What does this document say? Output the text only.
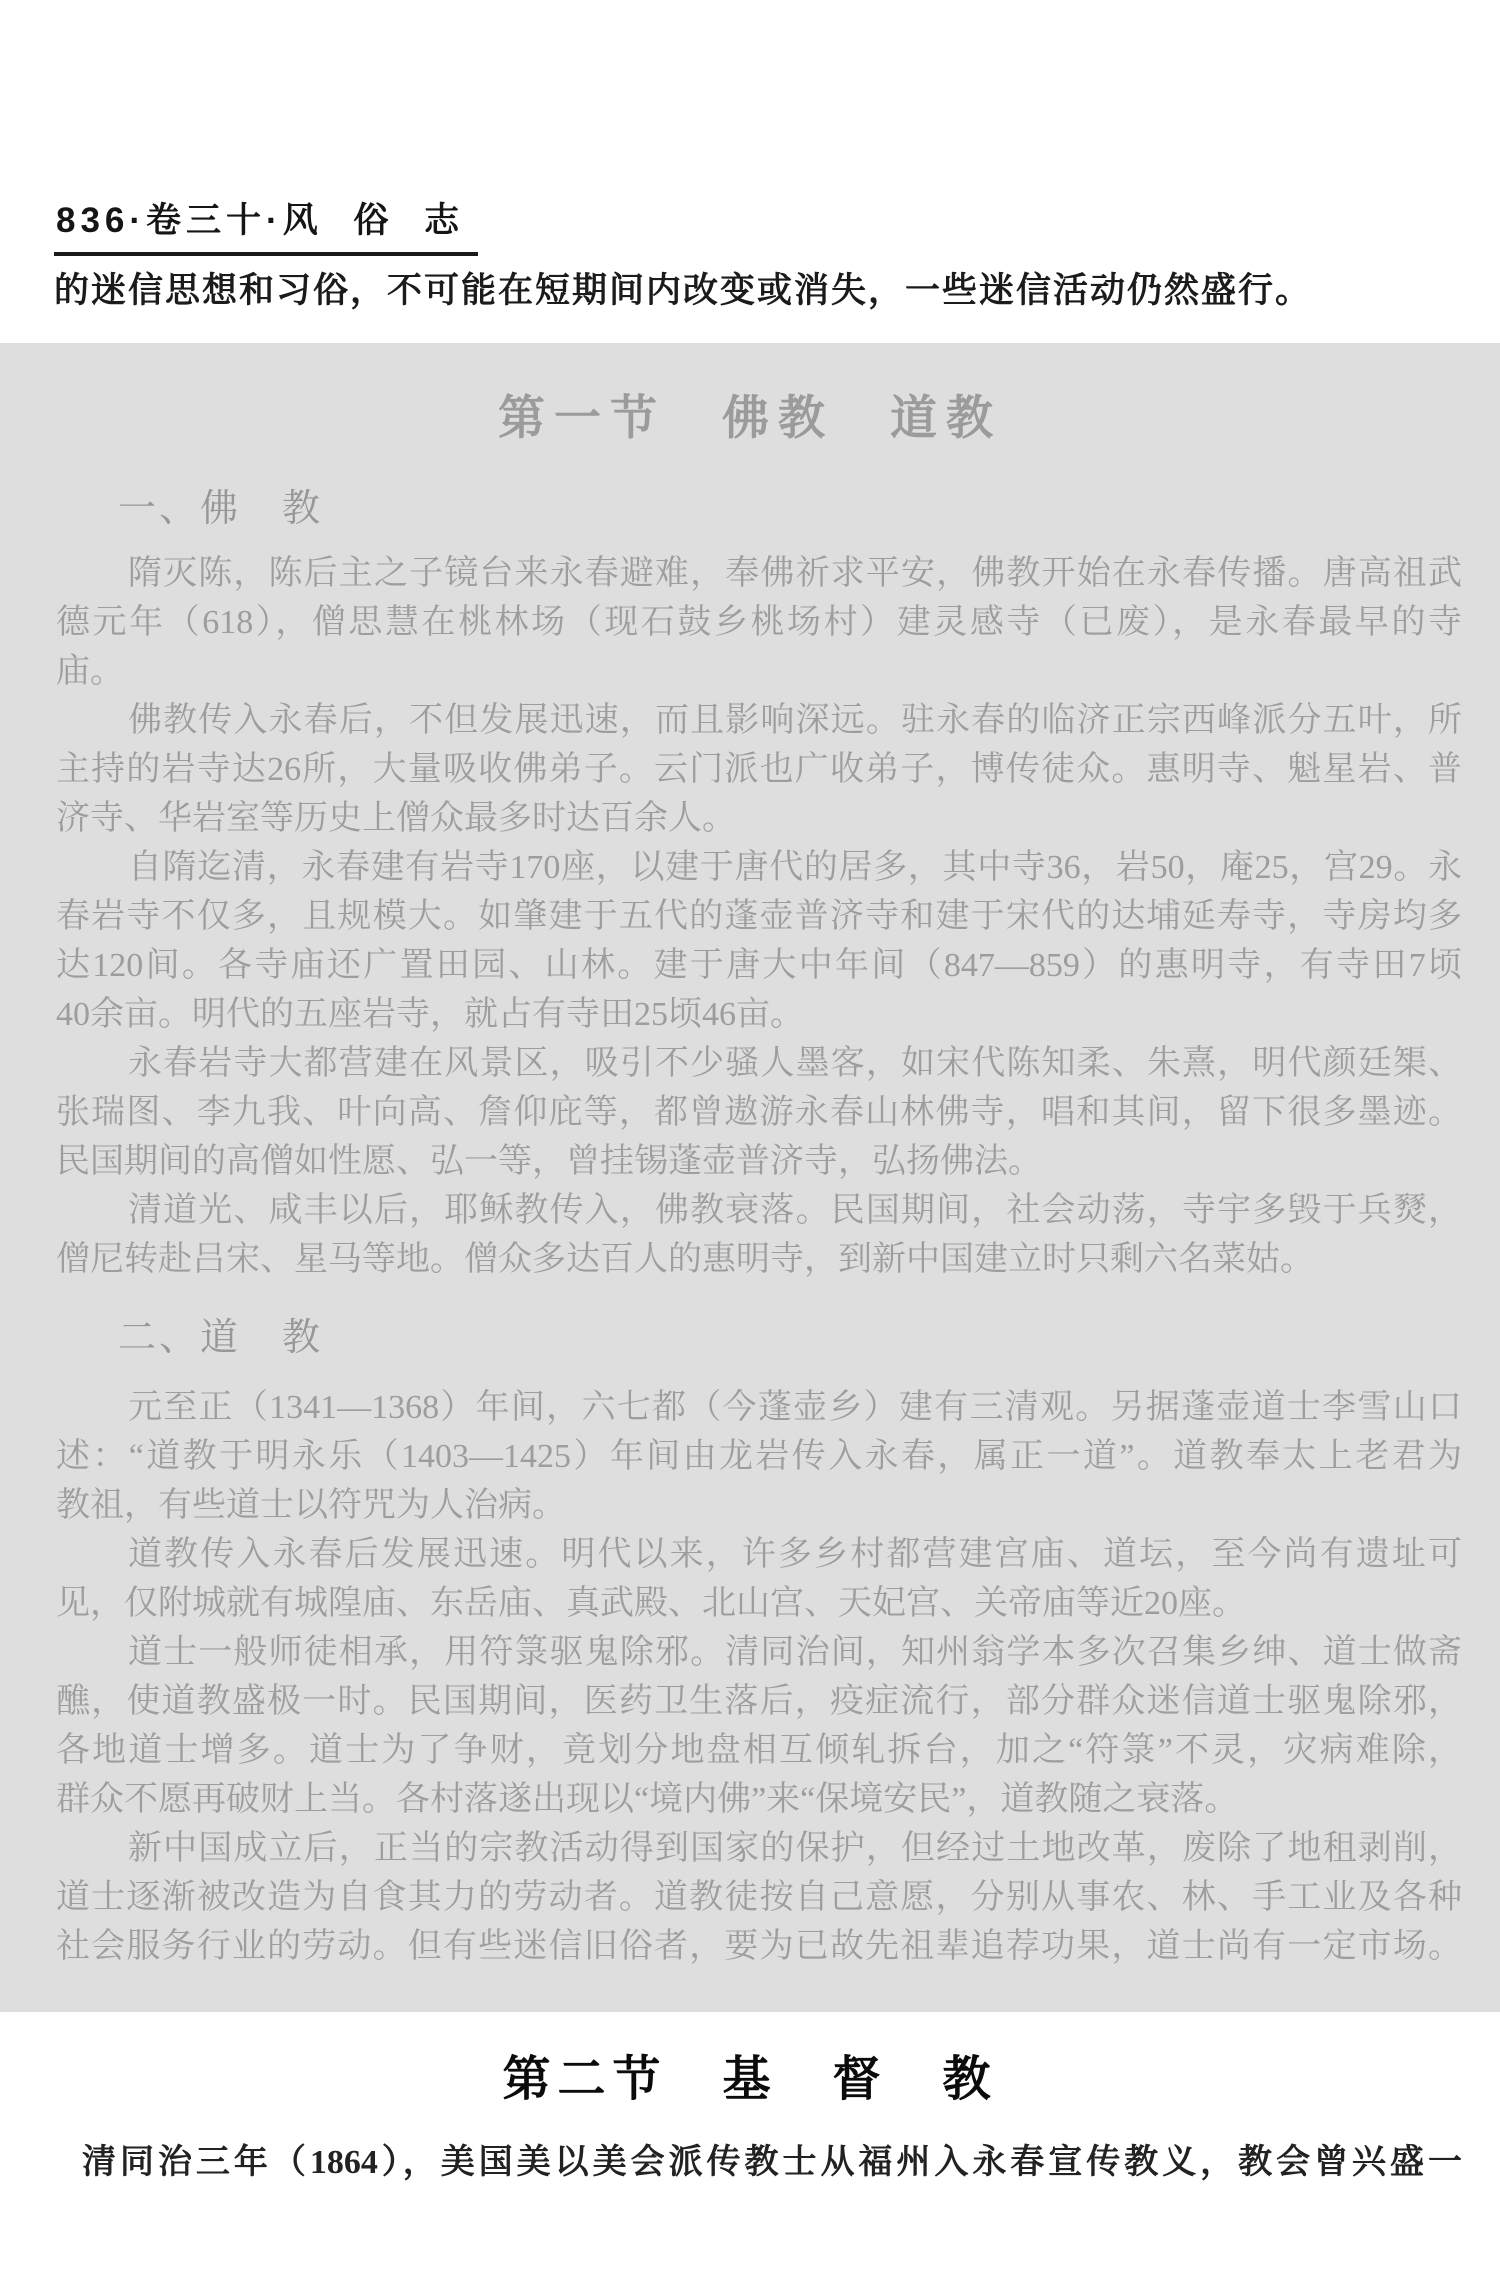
836·卷三十·风 俗 志
的迷信思想和习俗，不可能在短期间内改变或消失，一些迷信活动仍然盛行。
第一节　佛教　道教
一、佛　教
隋灭陈，陈后主之子镜台来永春避难，奉佛祈求平安，佛教开始在永春传播。唐高祖武
德元年（618），僧思慧在桃林场（现石鼓乡桃场村）建灵感寺（已废），是永春最早的寺
庙。
佛教传入永春后，不但发展迅速，而且影响深远。驻永春的临济正宗西峰派分五叶，所
主持的岩寺达26所，大量吸收佛弟子。云门派也广收弟子，博传徒众。惠明寺、魁星岩、普
济寺、华岩室等历史上僧众最多时达百余人。
自隋迄清，永春建有岩寺170座，以建于唐代的居多，其中寺36，岩50，庵25，宫29。永
春岩寺不仅多，且规模大。如肇建于五代的蓬壶普济寺和建于宋代的达埔延寿寺，寺房均多
达120间。各寺庙还广置田园、山林。建于唐大中年间（847—859）的惠明寺，有寺田7顷
40余亩。明代的五座岩寺，就占有寺田25顷46亩。
永春岩寺大都营建在风景区，吸引不少骚人墨客，如宋代陈知柔、朱熹，明代颜廷榘、
张瑞图、李九我、叶向高、詹仰庇等，都曾遨游永春山林佛寺，唱和其间，留下很多墨迹。
民国期间的高僧如性愿、弘一等，曾挂锡蓬壶普济寺，弘扬佛法。
清道光、咸丰以后，耶稣教传入，佛教衰落。民国期间，社会动荡，寺宇多毁于兵燹，
僧尼转赴吕宋、星马等地。僧众多达百人的惠明寺，到新中国建立时只剩六名菜姑。
二、道　教
元至正（1341—1368）年间，六七都（今蓬壶乡）建有三清观。另据蓬壶道士李雪山口
述：“道教于明永乐（1403—1425）年间由龙岩传入永春，属正一道”。道教奉太上老君为
教祖，有些道士以符咒为人治病。
道教传入永春后发展迅速。明代以来，许多乡村都营建宫庙、道坛，至今尚有遗址可
见，仅附城就有城隍庙、东岳庙、真武殿、北山宫、天妃宫、关帝庙等近20座。
道士一般师徒相承，用符箓驱鬼除邪。清同治间，知州翁学本多次召集乡绅、道士做斋
醮，使道教盛极一时。民国期间，医药卫生落后，疫症流行，部分群众迷信道士驱鬼除邪，
各地道士增多。道士为了争财，竟划分地盘相互倾轧拆台，加之“符箓”不灵，灾病难除，
群众不愿再破财上当。各村落遂出现以“境内佛”来“保境安民”，道教随之衰落。
新中国成立后，正当的宗教活动得到国家的保护，但经过土地改革，废除了地租剥削，
道士逐渐被改造为自食其力的劳动者。道教徒按自己意愿，分别从事农、林、手工业及各种
社会服务行业的劳动。但有些迷信旧俗者，要为已故先祖辈追荐功果，道士尚有一定市场。
第二节　基　督　教
清同治三年（1864），美国美以美会派传教士从福州入永春宣传教义，教会曾兴盛一
